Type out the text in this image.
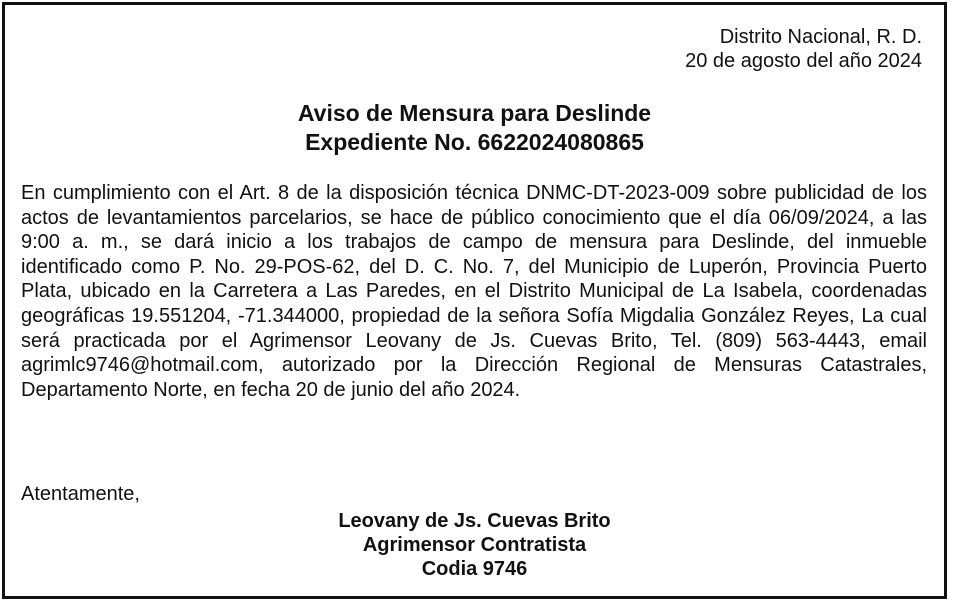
Distrito Nacional, R. D.
20 de agosto del año 2024
Aviso de Mensura para Deslinde
Expediente No. 6622024080865

En cumplimiento con el Art. 8 de la disposición técnica DNMC-DT-2023-009 sobre publicidad de los actos de levantamientos parcelarios, se hace de público conocimiento que el día 06/09/2024, a las 9:00 a. m., se dará inicio a los trabajos de campo de mensura para Deslinde, del inmueble identificado como P. No. 29-POS-62, del D. C. No. 7, del Municipio de Luperón, Provincia Puerto Plata, ubicado en la Carretera a Las Paredes, en el Distrito Municipal de La Isabela, coordenadas geográficas 19.551204, -71.344000, propiedad de la señora Sofía Migdalia González Reyes, La cual será practicada por el Agrimensor Leovany de Js. Cuevas Brito, Tel. (809) 563-4443, email agrimlc9746@hotmail.com, autorizado por la Dirección Regional de Mensuras Catastrales, Departamento Norte, en fecha 20 de junio del año 2024.

Atentamente,
Leovany de Js. Cuevas Brito
Agrimensor Contratista
Codia 9746
